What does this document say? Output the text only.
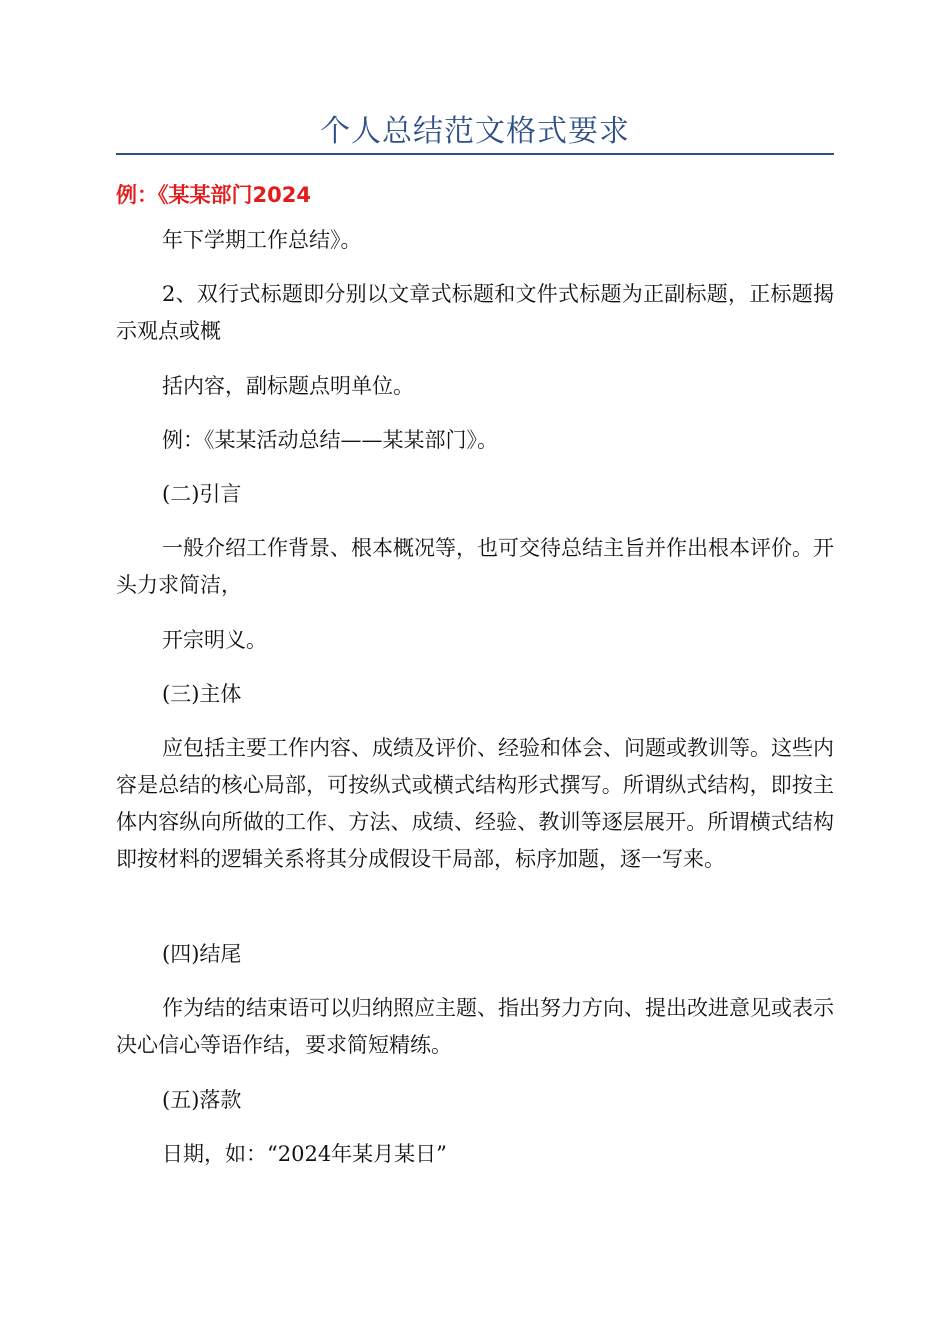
个人总结范文格式要求
例：《某某部门2024

年下学期工作总结》。

2、双行式标题即分别以文章式标题和文件式标题为正副标题，正标题揭示观点或概

括内容，副标题点明单位。

例：《某某活动总结——某某部门》。

(二)引言

一般介绍工作背景、根本概况等，也可交待总结主旨并作出根本评价。开头力求简洁，

开宗明义。

(三)主体

应包括主要工作内容、成绩及评价、经验和体会、问题或教训等。这些内容是总结的核心局部，可按纵式或横式结构形式撰写。所谓纵式结构，即按主体内容纵向所做的工作、方法、成绩、经验、教训等逐层展开。所谓横式结构即按材料的逻辑关系将其分成假设干局部，标序加题，逐一写来。

(四)结尾

作为结的结束语可以归纳照应主题、指出努力方向、提出改进意见或表示决心信心等语作结，要求简短精练。

(五)落款

日期，如：“2024年某月某日”
